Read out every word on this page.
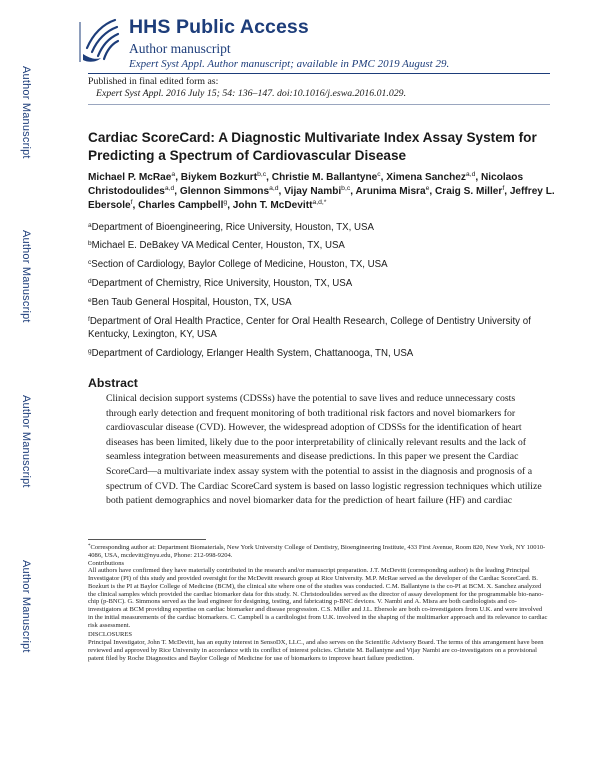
Author Manuscript
Author Manuscript
Author Manuscript
Author Manuscript
HHS Public Access
Author manuscript
Expert Syst Appl. Author manuscript; available in PMC 2019 August 29.
Published in final edited form as:
Expert Syst Appl. 2016 July 15; 54: 136–147. doi:10.1016/j.eswa.2016.01.029.
Cardiac ScoreCard: A Diagnostic Multivariate Index Assay System for Predicting a Spectrum of Cardiovascular Disease
Michael P. McRae$^a$, Biykem Bozkurt$^{b,c}$, Christie M. Ballantyne$^c$, Ximena Sanchez$^{a,d}$, Nicolaos Christodoulides$^{a,d}$, Glennon Simmons$^{a,d}$, Vijay Nambi$^{b,c}$, Arunima Misra$^e$, Craig S. Miller$^f$, Jeffrey L. Ebersole$^f$, Charles Campbell$^g$, John T. McDevitt$^{a,d,*}$
$^a$Department of Bioengineering, Rice University, Houston, TX, USA
$^b$Michael E. DeBakey VA Medical Center, Houston, TX, USA
$^c$Section of Cardiology, Baylor College of Medicine, Houston, TX, USA
$^d$Department of Chemistry, Rice University, Houston, TX, USA
$^e$Ben Taub General Hospital, Houston, TX, USA
$^f$Department of Oral Health Practice, Center for Oral Health Research, College of Dentistry University of Kentucky, Lexington, KY, USA
$^g$Department of Cardiology, Erlanger Health System, Chattanooga, TN, USA
Abstract

Clinical decision support systems (CDSSs) have the potential to save lives and reduce unnecessary costs through early detection and frequent monitoring of both traditional risk factors and novel biomarkers for cardiovascular disease (CVD). However, the widespread adoption of CDSSs for the identification of heart diseases has been limited, likely due to the poor interpretability of clinically relevant results and the lack of seamless integration between measurements and disease predictions. In this paper we present the Cardiac ScoreCard—a multivariate index assay system with the potential to assist in the diagnosis and prognosis of a spectrum of CVD. The Cardiac ScoreCard system is based on lasso logistic regression techniques which utilize both patient demographics and novel biomarker data for the prediction of heart failure (HF) and cardiac

*Corresponding author at: Department Biomaterials, New York University College of Dentistry, Bioengineering Institute, 433 First Avenue, Room 820, New York, NY 10010-4086, USA, mcdevitt@nyu.edu, Phone: 212-998-9204.

Contributions

All authors have confirmed they have materially contributed in the research and/or manuscript preparation. J.T. McDevitt (corresponding author) is the leading Principal Investigator (PI) of this study and provided oversight for the McDevitt research group at Rice University. M.P. McRae served as the developer of the Cardiac ScoreCard. B. Bozkurt is the PI at Baylor College of Medicine (BCM), the clinical site where one of the studies was conducted. C.M. Ballantyne is the co-PI at BCM. X. Sanchez analyzed the clinical samples which provided the cardiac biomarker data for this study. N. Christodoulides served as the director of assay development for the programmable bio-nano-chip (p-BNC). G. Simmons served as the lead engineer for designing, testing, and fabricating p-BNC devices. V. Nambi and A. Misra are both cardiologists and co-investigators at BCM providing expertise on cardiac biomarker and disease progression. C.S. Miller and J.L. Ebersole are both co-investigators from U.K. and were involved in the initial measurements of the cardiac biomarkers. C. Campbell is a cardiologist from U.K. involved in the shaping of the multimarker approach and its relevance to cardiac risk assessment.

DISCLOSURES

Principal Investigator, John T. McDevitt, has an equity interest in SensoDX, LLC., and also serves on the Scientific Advisory Board. The terms of this arrangement have been reviewed and approved by Rice University in accordance with its conflict of interest policies. Christie M. Ballantyne and Vijay Nambi are co-investigators on a provisional patent filed by Roche Diagnostics and Baylor College of Medicine for use of biomarkers to improve heart failure prediction.
